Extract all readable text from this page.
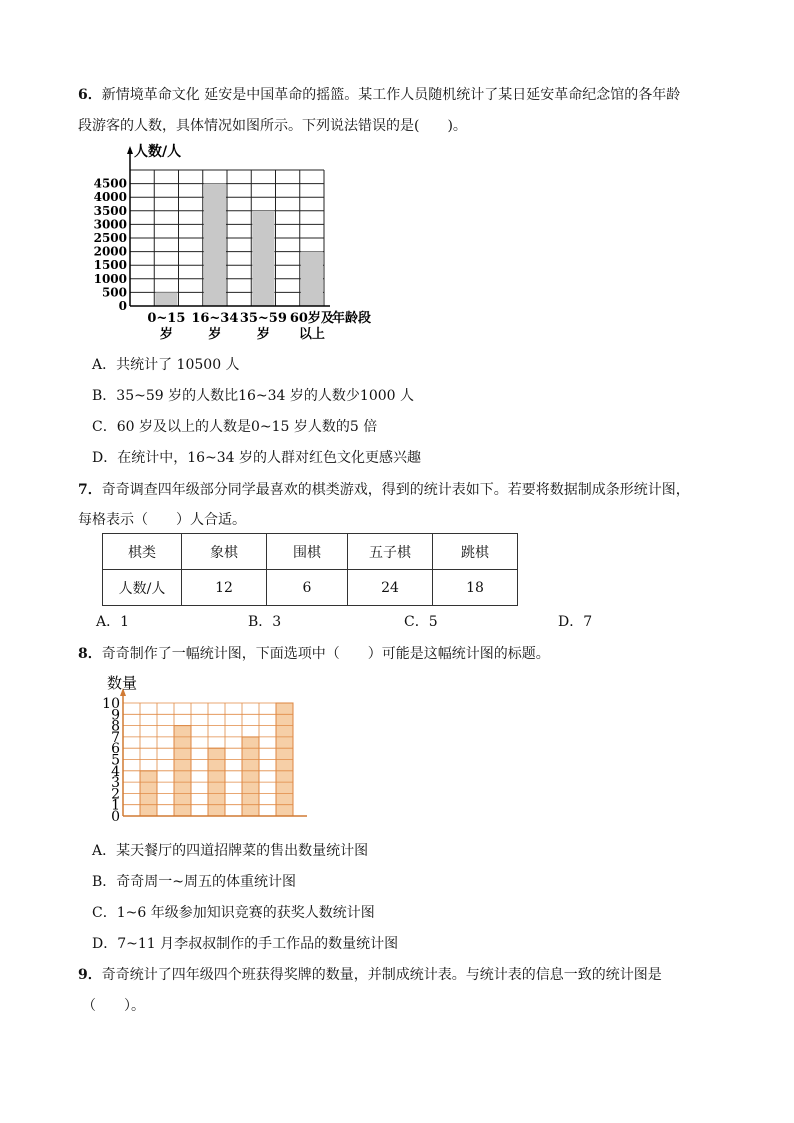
6．新情境革命文化 延安是中国革命的摇篮。某工作人员随机统计了某日延安革命纪念馆的各年龄
段游客的人数，具体情况如图所示。下列说法错误的是(　　)。
人数/人
0
500
1000
1500
2000
2500
3000
3500
4000
4500
0~15
岁
16~34
岁
35~59
岁
60岁及
以上
年龄段
A．共统计了 10500 人
B．35~59 岁的人数比16~34 岁的人数少1000 人
C．60 岁及以上的人数是0~15 岁人数的5 倍
D．在统计中，16~34 岁的人群对红色文化更感兴趣
7．奇奇调查四年级部分同学最喜欢的棋类游戏，得到的统计表如下。若要将数据制成条形统计图，
每格表示（　　）人合适。
棋类	象棋	围棋	五子棋	跳棋
人数/人	12	6	24	18
A．1	B．3	C．5	D．7
8．奇奇制作了一幅统计图，下面选项中（　　）可能是这幅统计图的标题。
数量
0
1
2
3
4
5
6
7
8
9
10
A．某天餐厅的四道招牌菜的售出数量统计图
B．奇奇周一~周五的体重统计图
C．1~6 年级参加知识竞赛的获奖人数统计图
D．7~11 月李叔叔制作的手工作品的数量统计图
9．奇奇统计了四年级四个班获得奖牌的数量，并制成统计表。与统计表的信息一致的统计图是
（　　）。
